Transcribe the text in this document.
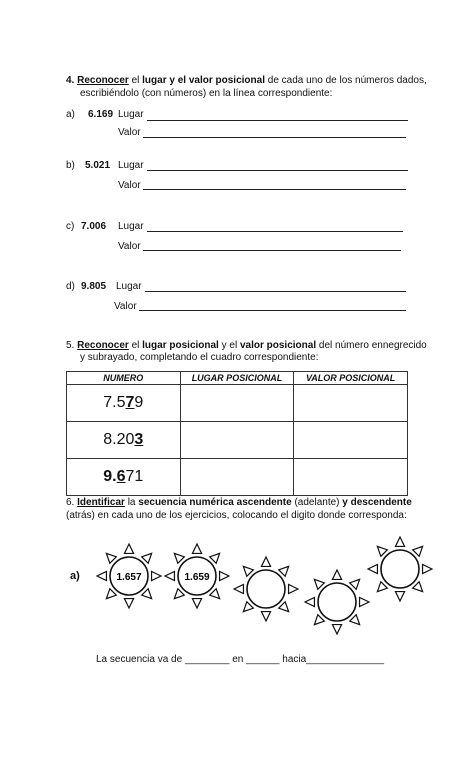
4. Reconocer el lugar y el valor posicional de cada uno de los números dados,
escribiéndolo (con números) en la línea correspondiente:
a) 6.169 Lugar
Valor
b) 5.021 Lugar
Valor
c) 7.006 Lugar
Valor
d) 9.805 Lugar
Valor
5. Reconocer el lugar posicional y el valor posicional del número ennegrecido
y subrayado, completando el cuadro correspondiente:
NUMERO	LUGAR POSICIONAL	VALOR POSICIONAL
7.579		
8.203		
9.671		
6. Identificar la secuencia numérica ascendente (adelante) y descendente
(atrás) en cada uno de los ejercicios, colocando el digito donde corresponda:
a)	1.657	1.659
La secuencia va de ________ en ______ hacia______________
